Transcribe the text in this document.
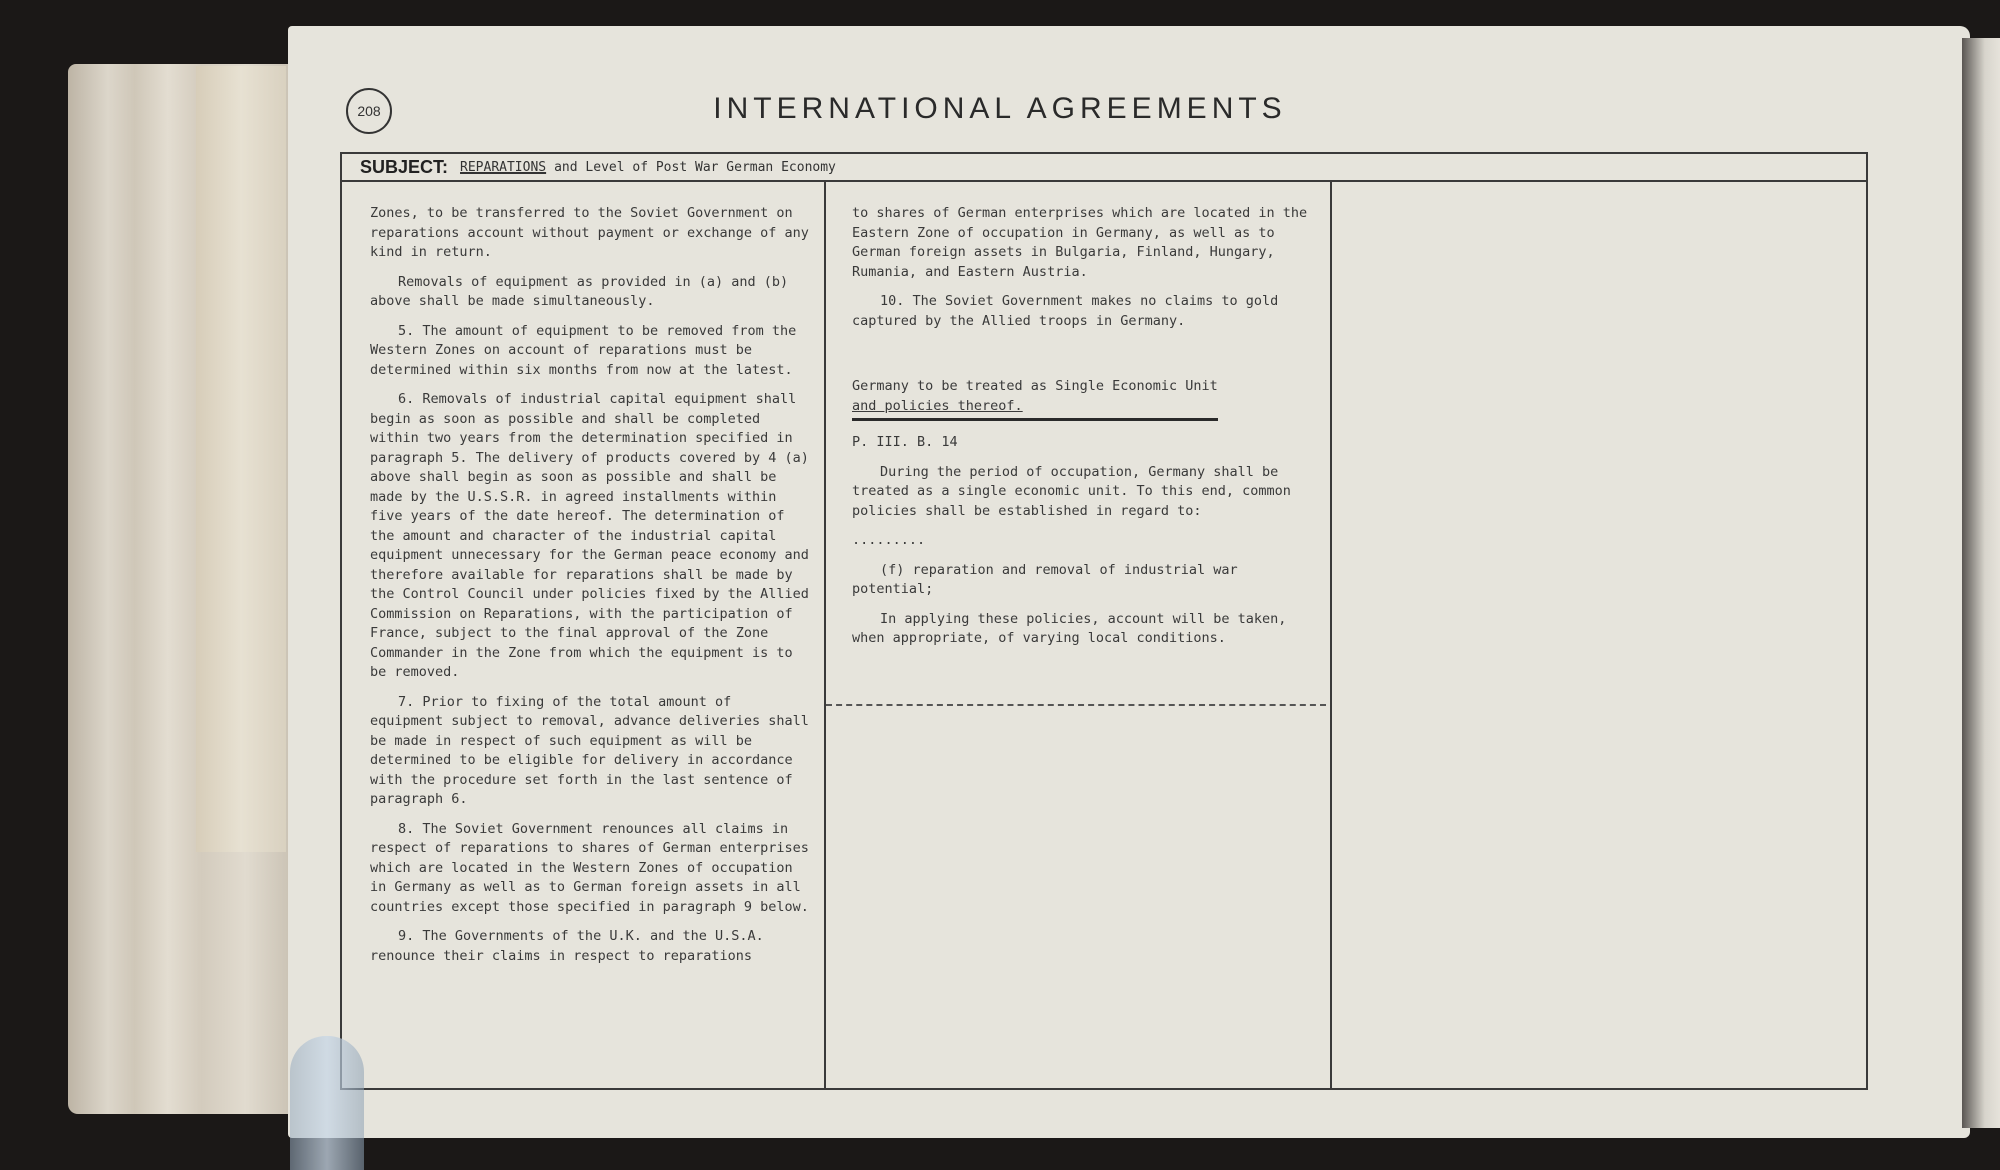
208	INTERNATIONAL AGREEMENTS
SUBJECT: REPARATIONS and Level of Post War German Economy

Zones, to be transferred to the Soviet Government on reparations account without payment or exchange of any kind in return.

Removals of equipment as provided in (a) and (b) above shall be made simultaneously.

5. The amount of equipment to be removed from the Western Zones on account of reparations must be determined within six months from now at the latest.

6. Removals of industrial capital equipment shall begin as soon as possible and shall be completed within two years from the determination specified in paragraph 5. The delivery of products covered by 4 (a) above shall begin as soon as possible and shall be made by the U.S.S.R. in agreed installments within five years of the date hereof. The determination of the amount and character of the industrial capital equipment unnecessary for the German peace economy and therefore available for reparations shall be made by the Control Council under policies fixed by the Allied Commission on Reparations, with the participation of France, subject to the final approval of the Zone Commander in the Zone from which the equipment is to be removed.

7. Prior to fixing of the total amount of equipment subject to removal, advance deliveries shall be made in respect of such equipment as will be determined to be eligible for delivery in accordance with the procedure set forth in the last sentence of paragraph 6.

8. The Soviet Government renounces all claims in respect of reparations to shares of German enterprises which are located in the Western Zones of occupation in Germany as well as to German foreign assets in all countries except those specified in paragraph 9 below.

9. The Governments of the U.K. and the U.S.A. renounce their claims in respect to reparations

to shares of German enterprises which are located in the Eastern Zone of occupation in Germany, as well as to German foreign assets in Bulgaria, Finland, Hungary, Rumania, and Eastern Austria.

10. The Soviet Government makes no claims to gold captured by the Allied troops in Germany.

Germany to be treated as Single Economic Unit
and policies thereof.

P. III. B. 14

During the period of occupation, Germany shall be treated as a single economic unit. To this end, common policies shall be established in regard to:

.........

(f) reparation and removal of industrial war potential;

In applying these policies, account will be taken, when appropriate, of varying local conditions.
